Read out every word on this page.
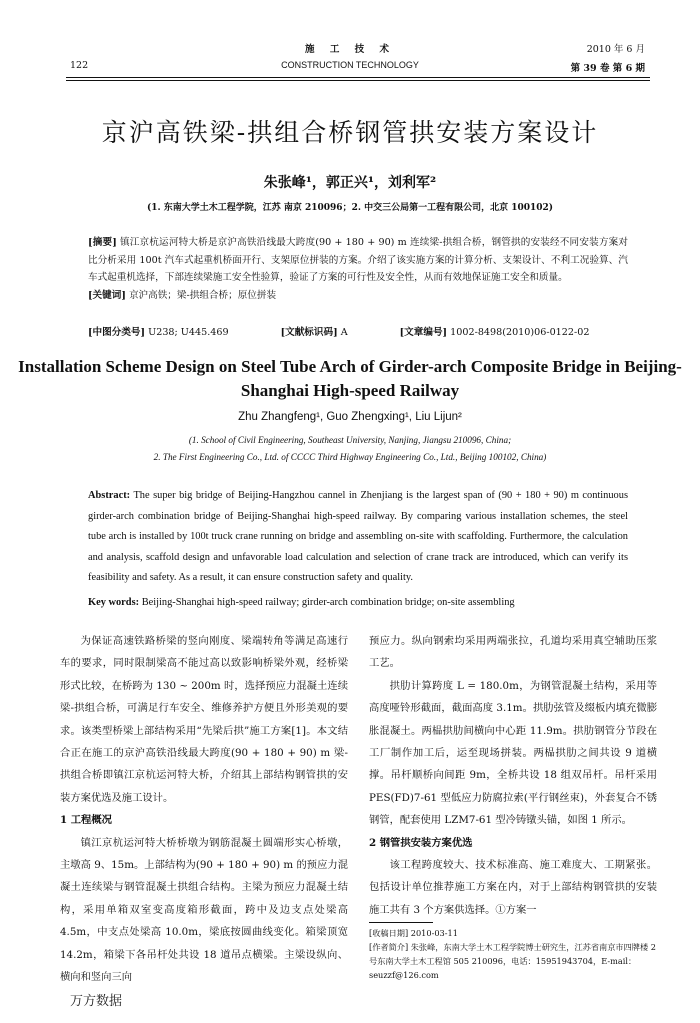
施 工 技 术
CONSTRUCTION TECHNOLOGY
2010 年 6 月
第 39 卷 第 6 期
122
京沪高铁梁-拱组合桥钢管拱安装方案设计
朱张峰¹，郭正兴¹，刘利军²
(1. 东南大学土木工程学院，江苏 南京 210096；2. 中交三公局第一工程有限公司，北京 100102)
[摘要] 镇江京杭运河特大桥是京沪高铁沿线最大跨度(90 + 180 + 90) m 连续梁-拱组合桥，钢管拱的安装经不同安装方案对比分析采用 100t 汽车式起重机桥面开行、支架原位拼装的方案。介绍了该实施方案的计算分析、支架设计、不利工况验算、汽车式起重机选择，下部连续梁施工安全性验算，验证了方案的可行性及安全性，从而有效地保证施工安全和质量。
[关键词] 京沪高铁；梁-拱组合桥；原位拼装
[中图分类号] U238; U445.469	[文献标识码] A	[文章编号] 1002-8498(2010)06-0122-02
Installation Scheme Design on Steel Tube Arch of Girder-arch Composite Bridge in Beijing-Shanghai High-speed Railway
Zhu Zhangfeng¹, Guo Zhengxing¹, Liu Lijun²
(1. School of Civil Engineering, Southeast University, Nanjing, Jiangsu 210096, China;
2. The First Engineering Co., Ltd. of CCCC Third Highway Engineering Co., Ltd., Beijing 100102, China)
Abstract: The super big bridge of Beijing-Hangzhou cannel in Zhenjiang is the largest span of (90 + 180 + 90) m continuous girder-arch combination bridge of Beijing-Shanghai high-speed railway. By comparing various installation schemes, the steel tube arch is installed by 100t truck crane running on bridge and assembling on-site with scaffolding. Furthermore, the calculation and analysis, scaffold design and unfavorable load calculation and selection of crane track are introduced, which can verify its feasibility and safety. As a result, it can ensure construction safety and quality.
Key words: Beijing-Shanghai high-speed railway; girder-arch combination bridge; on-site assembling

为保证高速铁路桥梁的竖向刚度、梁端转角等满足高速行车的要求，同时限制梁高不能过高以致影响桥梁外观，经桥梁形式比较，在桥跨为 130 ~ 200m 时，选择预应力混凝土连续梁-拱组合桥，可满足行车安全、维修养护方便且外形美观的要求。该类型桥梁上部结构采用“先梁后拱”施工方案[1]。本文结合正在施工的京沪高铁沿线最大跨度(90 + 180 + 90) m 梁-拱组合桥即镇江京杭运河特大桥，介绍其上部结构钢管拱的安装方案优选及施工设计。

1 工程概况

镇江京杭运河特大桥桥墩为钢筋混凝土圆端形实心桥墩，主墩高 9、15m。上部结构为(90 + 180 + 90) m 的预应力混凝土连续梁与钢管混凝土拱组合结构。主梁为预应力混凝土结构，采用单箱双室变高度箱形截面，跨中及边支点处梁高 4.5m，中支点处梁高 10.0m，梁底按圆曲线变化。箱梁顶宽 14.2m，箱梁下各吊杆处共设 18 道吊点横梁。主梁设纵向、横向和竖向三向

预应力。纵向钢索均采用两端张拉，孔道均采用真空辅助压浆工艺。

拱肋计算跨度 L = 180.0m，为钢管混凝土结构，采用等高度哑铃形截面，截面高度 3.1m。拱肋弦管及缀板内填充微膨胀混凝土。两榀拱肋间横向中心距 11.9m。拱肋钢管分节段在工厂制作加工后，运至现场拼装。两榀拱肋之间共设 9 道横撑。吊杆顺桥向间距 9m，全桥共设 18 组双吊杆。吊杆采用 PES(FD)7-61 型低应力防腐拉索(平行钢丝束)，外套复合不锈钢管，配套使用 LZM7-61 型冷铸镦头锚，如图 1 所示。

2 钢管拱安装方案优选

该工程跨度较大、技术标准高、施工难度大、工期紧张。包括设计单位推荐施工方案在内，对于上部结构钢管拱的安装施工共有 3 个方案供选择。①方案一

[收稿日期] 2010-03-11
[作者简介] 朱张峰，东南大学土木工程学院博士研究生，江苏省南京市四牌楼 2 号东南大学土木工程馆 505 210096，电话：15951943704，E-mail：seuzzf@126.com
万方数据
